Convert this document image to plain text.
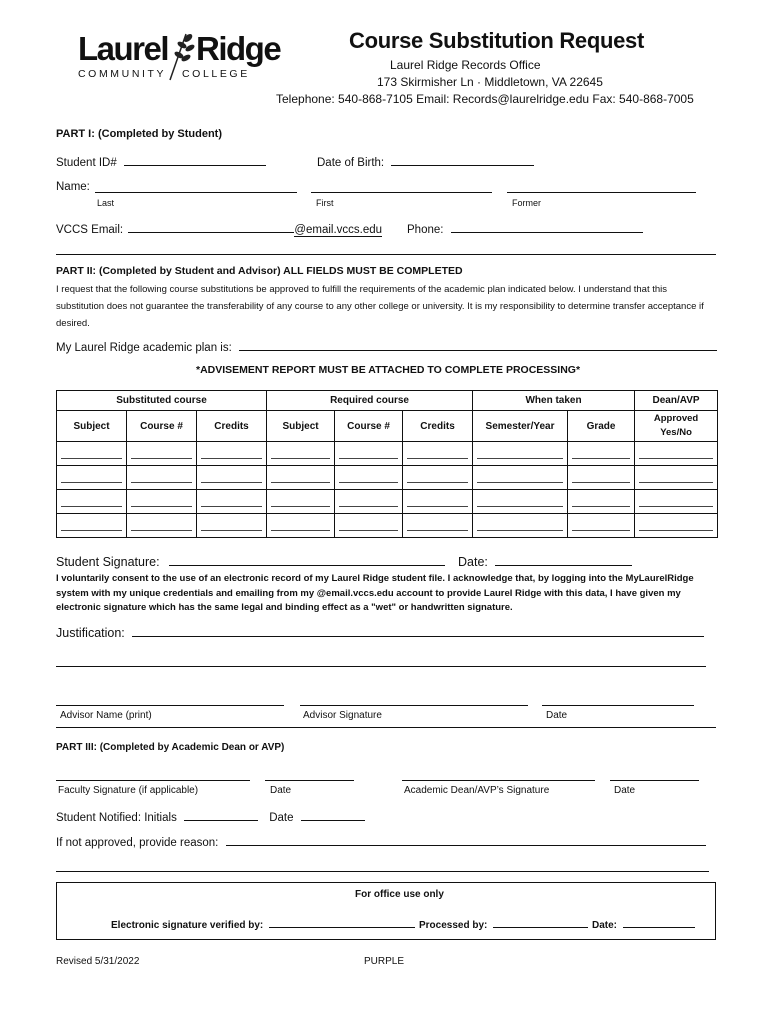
Laurel Ridge
COMMUNITY COLLEGE
Course Substitution Request
Laurel Ridge Records Office
173 Skirmisher Ln · Middletown, VA 22645
Telephone: 540-868-7105 Email: Records@laurelridge.edu Fax: 540-868-7005
PART I: (Completed by Student)
Student ID#	Date of Birth:
Name:
Last	First	Former
VCCS Email:	@email.vccs.edu Phone:
PART II: (Completed by Student and Advisor) ALL FIELDS MUST BE COMPLETED
I request that the following course substitutions be approved to fulfill the requirements of the academic plan indicated below. I understand that this substitution does not guarantee the transferability of any course to any other college or university. It is my responsibility to determine transfer acceptance if desired.
My Laurel Ridge academic plan is:
*ADVISEMENT REPORT MUST BE ATTACHED TO COMPLETE PROCESSING*
Substituted course			Required course			When taken		Dean/AVP
Subject	Course #	Credits	Subject	Course #	Credits	Semester/Year	Grade	Approved Yes/No

Student Signature:	Date:
I voluntarily consent to the use of an electronic record of my Laurel Ridge student file. I acknowledge that, by logging into the MyLaurelRidge system with my unique credentials and emailing from my @email.vccs.edu account to provide Laurel Ridge with this data, I have given my electronic signature which has the same legal and binding effect as a "wet" or handwritten signature.
Justification:
Advisor Name (print)	Advisor Signature	Date
PART III: (Completed by Academic Dean or AVP)
Faculty Signature (if applicable)	Date	Academic Dean/AVP’s Signature	Date
Student Notified: Initials	Date
If not approved, provide reason:
For office use only
Electronic signature verified by:	Processed by:	Date:
Revised 5/31/2022	PURPLE
